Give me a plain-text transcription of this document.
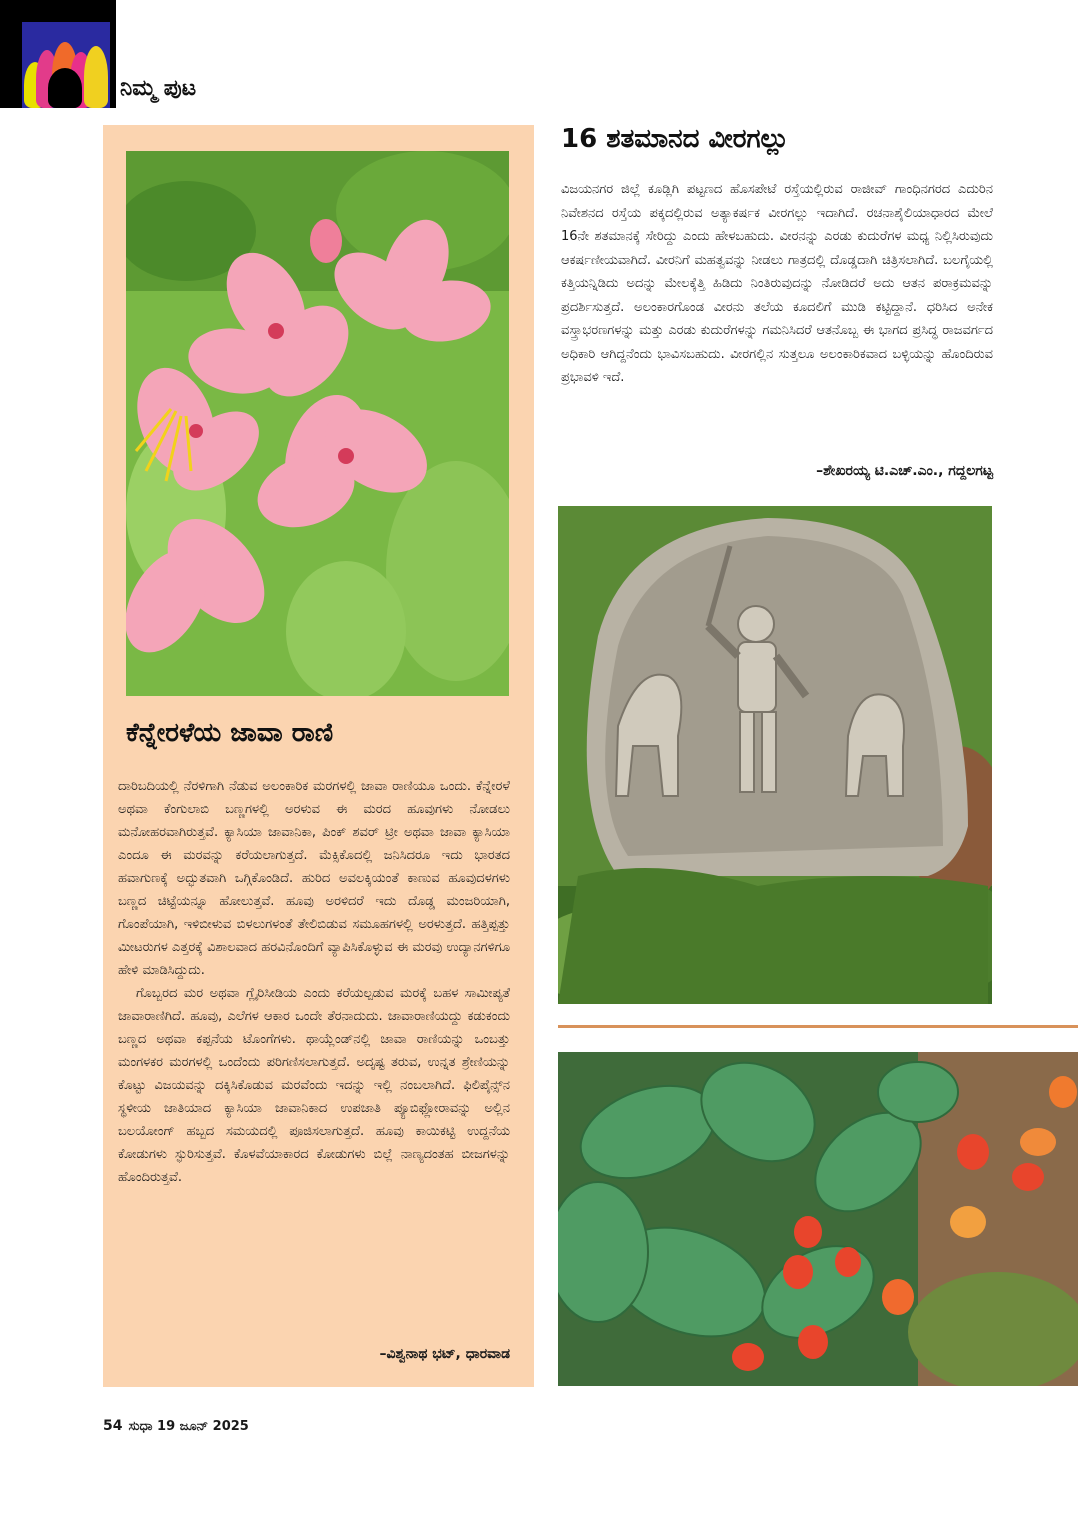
ನಿಮ್ಮ ಪುಟ
ಕೆನ್ನೇರಳೆಯ ಜಾವಾ ರಾಣಿ

ದಾರಿಬದಿಯಲ್ಲಿ ನೆರಳಿಗಾಗಿ ನೆಡುವ ಅಲಂಕಾರಿಕ ಮರಗಳಲ್ಲಿ ಜಾವಾ ರಾಣಿಯೂ ಒಂದು. ಕೆನ್ನೇರಳೆ ಅಥವಾ ಕೆಂಗುಲಾಬಿ ಬಣ್ಣಗಳಲ್ಲಿ ಅರಳುವ ಈ ಮರದ ಹೂವುಗಳು ನೋಡಲು ಮನೋಹರವಾಗಿರುತ್ತವೆ. ಕ್ಯಾಸಿಯಾ ಜಾವಾನಿಕಾ, ಪಿಂಕ್ ಶವರ್ ಟ್ರೀ ಅಥವಾ ಜಾವಾ ಕ್ಯಾಸಿಯಾ ಎಂದೂ ಈ ಮರವನ್ನು ಕರೆಯಲಾಗುತ್ತದೆ. ಮೆಕ್ಸಿಕೊದಲ್ಲಿ ಜನಿಸಿದರೂ ಇದು ಭಾರತದ ಹವಾಗುಣಕ್ಕೆ ಅದ್ಭುತವಾಗಿ ಒಗ್ಗಿಕೊಂಡಿದೆ. ಹುರಿದ ಅವಲಕ್ಕಿಯಂತೆ ಕಾಣುವ ಹೂವುದಳಗಳು ಬಣ್ಣದ ಚಿಟ್ಟೆಯನ್ನೂ ಹೋಲುತ್ತವೆ. ಹೂವು ಅರಳಿದರೆ ಇದು ದೊಡ್ಡ ಮಂಜರಿಯಾಗಿ, ಗೊಂಪೆಯಾಗಿ, ಇಳಿಬೀಳುವ ಬಿಳಲುಗಳಂತೆ ತೇಲಿಬಿಡುವ ಸಮೂಹಗಳಲ್ಲಿ ಅರಳುತ್ತದೆ. ಹತ್ತಿಪ್ಪತ್ತು ಮೀಟರುಗಳ ಎತ್ತರಕ್ಕೆ ವಿಶಾಲವಾದ ಹರವಿನೊಂದಿಗೆ ವ್ಯಾಪಿಸಿಕೊಳ್ಳುವ ಈ ಮರವು ಉದ್ಯಾನಗಳಿಗೂ ಹೇಳಿ ಮಾಡಿಸಿದ್ದುದು.

ಗೊಬ್ಬರದ ಮರ ಅಥವಾ ಗ್ಲೈರಿಸೀಡಿಯ ಎಂದು ಕರೆಯಲ್ಪಡುವ ಮರಕ್ಕೆ ಬಹಳ ಸಾಮೀಪ್ಯತೆ ಜಾವಾರಾಣಿಗಿದೆ. ಹೂವು, ಎಲೆಗಳ ಆಕಾರ ಒಂದೇ ತೆರನಾದುದು. ಜಾವಾರಾಣಿಯದ್ದು ಕಡುಕಂದು ಬಣ್ಣದ ಅಥವಾ ಕಪ್ಪನೆಯ ಟೊಂಗೆಗಳು. ಥಾಯ್ಲೆಂಡ್‌ನಲ್ಲಿ ಜಾವಾ ರಾಣಿಯನ್ನು ಒಂಬತ್ತು ಮಂಗಳಕರ ಮರಗಳಲ್ಲಿ ಒಂದೆಂದು ಪರಿಗಣಿಸಲಾಗುತ್ತದೆ. ಅದೃಷ್ಟ ತರುವ, ಉನ್ನತ ಶ್ರೇಣಿಯನ್ನು ಕೊಟ್ಟು ವಿಜಯವನ್ನು ದಕ್ಕಿಸಿಕೊಡುವ ಮರವೆಂದು ಇದನ್ನು ಇಲ್ಲಿ ನಂಬಲಾಗಿದೆ. ಫಿಲಿಪೈನ್ಸ್‌ನ ಸ್ಥಳೀಯ ಜಾತಿಯಾದ ಕ್ಯಾಸಿಯಾ ಜಾವಾನಿಕಾದ ಉಪಜಾತಿ ಪ್ಯೂಬಿಫ್ಲೋರಾವನ್ನು ಅಲ್ಲಿನ ಬಲಯೋಂಗ್ ಹಬ್ಬದ ಸಮಯದಲ್ಲಿ ಪೂಜಿಸಲಾಗುತ್ತದೆ. ಹೂವು ಕಾಯಿಕಟ್ಟಿ ಉದ್ದನೆಯ ಕೋಡುಗಳು ಸ್ಫುರಿಸುತ್ತವೆ. ಕೊಳವೆಯಾಕಾರದ ಕೋಡುಗಳು ಬಿಲ್ಲೆ ನಾಣ್ಯದಂತಹ ಬೀಜಗಳನ್ನು ಹೊಂದಿರುತ್ತವೆ.

–ವಿಶ್ವನಾಥ ಭಟ್, ಧಾರವಾಡ
16 ಶತಮಾನದ ವೀರಗಲ್ಲು

ವಿಜಯನಗರ ಜಿಲ್ಲೆ ಕೂಡ್ಲಿಗಿ ಪಟ್ಟಣದ ಹೊಸಪೇಟೆ ರಸ್ತೆಯಲ್ಲಿರುವ ರಾಜೀವ್ ಗಾಂಧಿನಗರದ ಎದುರಿನ ನಿವೇಶನದ ರಸ್ತೆಯ ಪಕ್ಕದಲ್ಲಿರುವ ಅತ್ಯಾಕರ್ಷಕ ವೀರಗಲ್ಲು ಇದಾಗಿದೆ. ರಚನಾಶೈಲಿಯಾಧಾರದ ಮೇಲೆ 16ನೇ ಶತಮಾನಕ್ಕೆ ಸೇರಿದ್ದು ಎಂದು ಹೇಳಬಹುದು. ವೀರನನ್ನು ಎರಡು ಕುದುರೆಗಳ ಮಧ್ಯ ನಿಲ್ಲಿಸಿರುವುದು ಆಕರ್ಷಣೀಯವಾಗಿದೆ. ವೀರನಿಗೆ ಮಹತ್ವವನ್ನು ನೀಡಲು ಗಾತ್ರದಲ್ಲಿ ದೊಡ್ಡದಾಗಿ ಚಿತ್ರಿಸಲಾಗಿದೆ. ಬಲಗೈಯಲ್ಲಿ ಕತ್ತಿಯನ್ನಿಡಿದು ಅದನ್ನು ಮೇಲಕ್ಕೆತ್ತಿ ಹಿಡಿದು ನಿಂತಿರುವುದನ್ನು ನೋಡಿದರೆ ಅದು ಆತನ ಪರಾಕ್ರಮವನ್ನು ಪ್ರದರ್ಶಿಸುತ್ತದೆ. ಅಲಂಕಾರಗೊಂಡ ವೀರನು ತಲೆಯ ಕೂದಲಿಗೆ ಮುಡಿ ಕಟ್ಟಿದ್ದಾನೆ. ಧರಿಸಿದ ಅನೇಕ ವಸ್ತ್ರಾಭರಣಗಳನ್ನು ಮತ್ತು ಎರಡು ಕುದುರೆಗಳನ್ನು ಗಮನಿಸಿದರೆ ಆತನೊಬ್ಬ ಈ ಭಾಗದ ಪ್ರಸಿದ್ಧ ರಾಜವರ್ಗದ ಅಧಿಕಾರಿ ಆಗಿದ್ದನೆಂದು ಭಾವಿಸಬಹುದು. ವೀರಗಲ್ಲಿನ ಸುತ್ತಲೂ ಅಲಂಕಾರಿಕವಾದ ಬಳ್ಳಿಯನ್ನು ಹೊಂದಿರುವ ಪ್ರಭಾವಳಿ ಇದೆ.

–ಶೇಖರಯ್ಯ ಟಿ.ಎಚ್.ಎಂ., ಗದ್ದಲಗಟ್ಟ
54 ಸುಧಾ 19 ಜೂನ್ 2025
